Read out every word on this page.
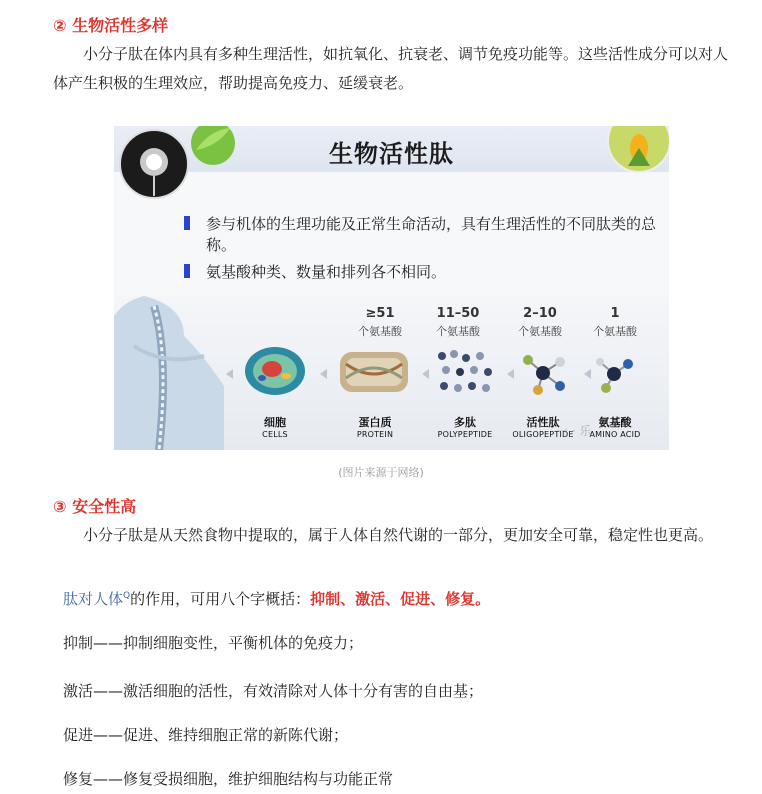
② 生物活性多样
小分子肽在体内具有多种生理活性，如抗氧化、抗衰老、调节免疫功能等。这些活性成分可以对人体产生积极的生理效应，帮助提高免疫力、延缓衰老。
生物活性肽
参与机体的生理功能及正常生命活动，具有生理活性的不同肽类的总称。
氨基酸种类、数量和排列各不相同。
≥51
个氨基酸
11–50
个氨基酸
2–10
个氨基酸
1
个氨基酸
细胞
CELLS
蛋白质
PROTEIN
多肽
POLYPEPTIDE
活性肽
OLIGOPEPTIDE
氨基酸
AMINO ACID
一 · 乐
(图片来源于网络)
③ 安全性高
小分子肽是从天然食物中提取的，属于人体自然代谢的一部分，更加安全可靠，稳定性也更高。
肽对人体$^Q$的作用，可用八个字概括：抑制、激活、促进、修复。
抑制——抑制细胞变性，平衡机体的免疫力；
激活——激活细胞的活性，有效清除对人体十分有害的自由基；
促进——促进、维持细胞正常的新陈代谢；
修复——修复受损细胞，维护细胞结构与功能正常
